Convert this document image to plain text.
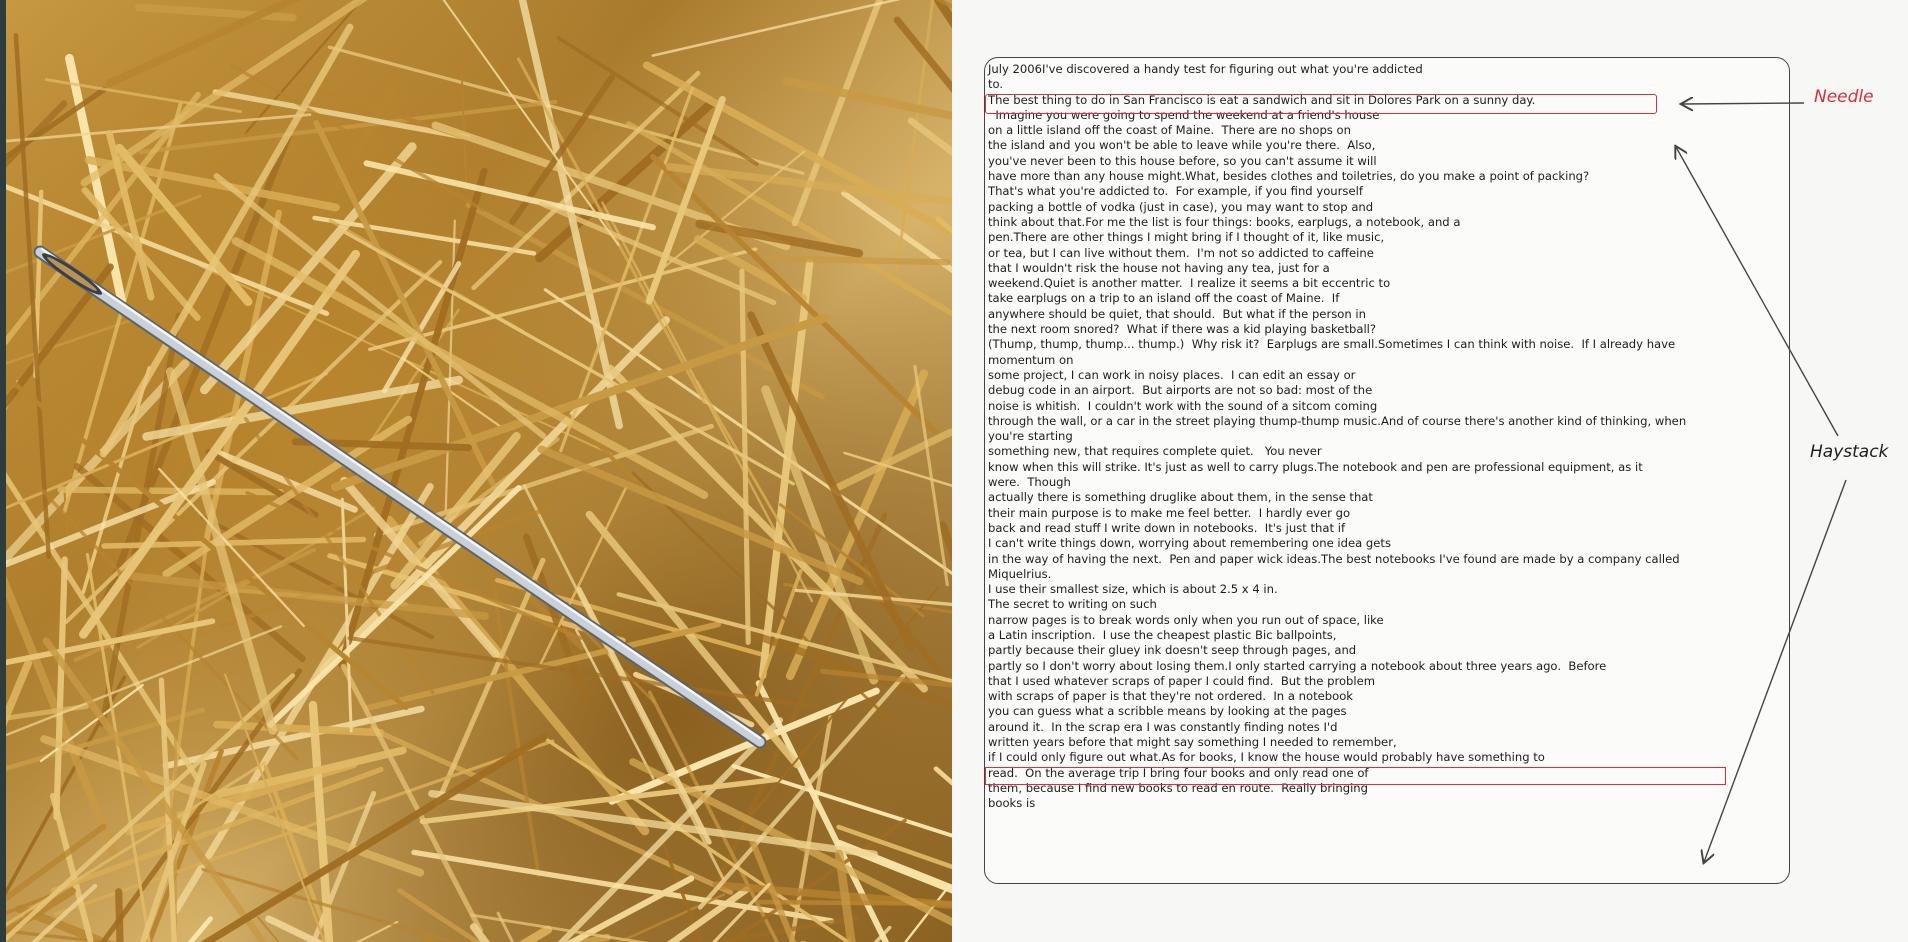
July 2006I've discovered a handy test for figuring out what you're addicted
to.
The best thing to do in San Francisco is eat a sandwich and sit in Dolores Park on a sunny day.
Imagine you were going to spend the weekend at a friend's house
on a little island off the coast of Maine.  There are no shops on
the island and you won't be able to leave while you're there.  Also,
you've never been to this house before, so you can't assume it will
have more than any house might.What, besides clothes and toiletries, do you make a point of packing?
That's what you're addicted to.  For example, if you find yourself
packing a bottle of vodka (just in case), you may want to stop and
think about that.For me the list is four things: books, earplugs, a notebook, and a
pen.There are other things I might bring if I thought of it, like music,
or tea, but I can live without them.  I'm not so addicted to caffeine
that I wouldn't risk the house not having any tea, just for a
weekend.Quiet is another matter.  I realize it seems a bit eccentric to
take earplugs on a trip to an island off the coast of Maine.  If
anywhere should be quiet, that should.  But what if the person in
the next room snored?  What if there was a kid playing basketball?
(Thump, thump, thump... thump.)  Why risk it?  Earplugs are small.Sometimes I can think with noise.  If I already have
momentum on
some project, I can work in noisy places.  I can edit an essay or
debug code in an airport.  But airports are not so bad: most of the
noise is whitish.  I couldn't work with the sound of a sitcom coming
through the wall, or a car in the street playing thump-thump music.And of course there's another kind of thinking, when
you're starting
something new, that requires complete quiet.   You never
know when this will strike. It's just as well to carry plugs.The notebook and pen are professional equipment, as it
were.  Though
actually there is something druglike about them, in the sense that
their main purpose is to make me feel better.  I hardly ever go
back and read stuff I write down in notebooks.  It's just that if
I can't write things down, worrying about remembering one idea gets
in the way of having the next.  Pen and paper wick ideas.The best notebooks I've found are made by a company called
Miquelrius.
I use their smallest size, which is about 2.5 x 4 in.
The secret to writing on such
narrow pages is to break words only when you run out of space, like
a Latin inscription.  I use the cheapest plastic Bic ballpoints,
partly because their gluey ink doesn't seep through pages, and
partly so I don't worry about losing them.I only started carrying a notebook about three years ago.  Before
that I used whatever scraps of paper I could find.  But the problem
with scraps of paper is that they're not ordered.  In a notebook
you can guess what a scribble means by looking at the pages
around it.  In the scrap era I was constantly finding notes I'd
written years before that might say something I needed to remember,
if I could only figure out what.As for books, I know the house would probably have something to
read.  On the average trip I bring four books and only read one of
them, because I find new books to read en route.  Really bringing
books is
Needle
Haystack
